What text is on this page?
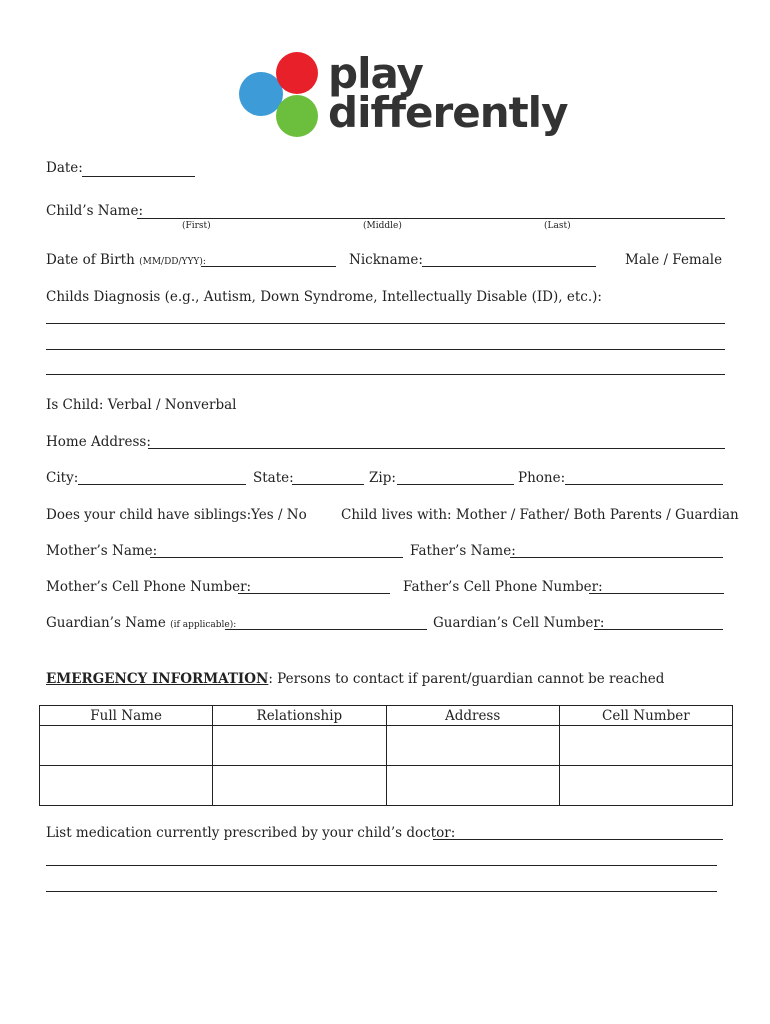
play
differently
Date:
Child’s Name:
(First)	(Middle)	(Last)
Date of Birth (MM/DD/YYY):	Nickname:	Male / Female
Childs Diagnosis (e.g., Autism, Down Syndrome, Intellectually Disable (ID), etc.):
Is Child: Verbal / Nonverbal
Home Address:
City:	State:	Zip:	Phone:
Does your child have siblings: Yes / No	Child lives with: Mother / Father/ Both Parents / Guardian
Mother’s Name:	Father’s Name:
Mother’s Cell Phone Number:	Father’s Cell Phone Number:
Guardian’s Name (if applicable):	Guardian’s Cell Number:
EMERGENCY INFORMATION: Persons to contact if parent/guardian cannot be reached
Full Name	Relationship	Address	Cell Number

List medication currently prescribed by your child’s doctor:
